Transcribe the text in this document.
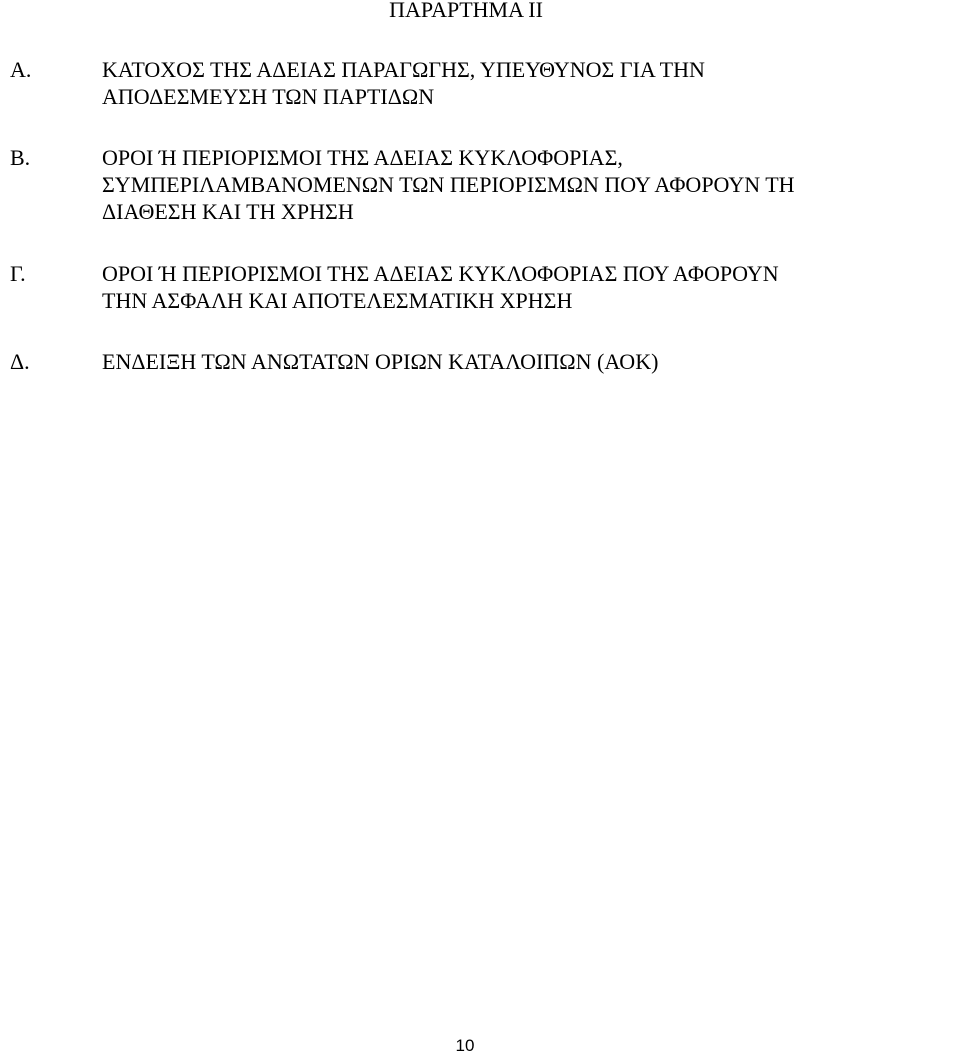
ΠΑΡΑΡΤΗΜΑ ΙΙ
Α.	ΚΑΤΟΧΟΣ ΤΗΣ ΑΔΕΙΑΣ ΠΑΡΑΓΩΓΗΣ, ΥΠΕΥΘΥΝΟΣ ΓΙΑ ΤΗΝ
ΑΠΟΔΕΣΜΕΥΣΗ ΤΩΝ ΠΑΡΤΙΔΩΝ
Β.	ΟΡΟΙ Ή ΠΕΡΙΟΡΙΣΜΟΙ ΤΗΣ ΑΔΕΙΑΣ ΚΥΚΛΟΦΟΡΙΑΣ,
ΣΥΜΠΕΡΙΛΑΜΒΑΝΟΜΕΝΩΝ ΤΩΝ ΠΕΡΙΟΡΙΣΜΩΝ ΠΟΥ ΑΦΟΡΟΥΝ ΤΗ
ΔΙΑΘΕΣΗ ΚΑΙ ΤΗ ΧΡΗΣΗ
Γ.	ΟΡΟΙ Ή ΠΕΡΙΟΡΙΣΜΟΙ ΤΗΣ ΑΔΕΙΑΣ ΚΥΚΛΟΦΟΡΙΑΣ ΠΟΥ ΑΦΟΡΟΥΝ
ΤΗΝ ΑΣΦΑΛΗ ΚΑΙ ΑΠΟΤΕΛΕΣΜΑΤΙΚΗ ΧΡΗΣΗ
Δ.	ΕΝΔΕΙΞΗ ΤΩΝ ΑΝΩΤΑΤΩΝ ΟΡΙΩΝ ΚΑΤΑΛΟΙΠΩΝ (ΑΟΚ)
10
